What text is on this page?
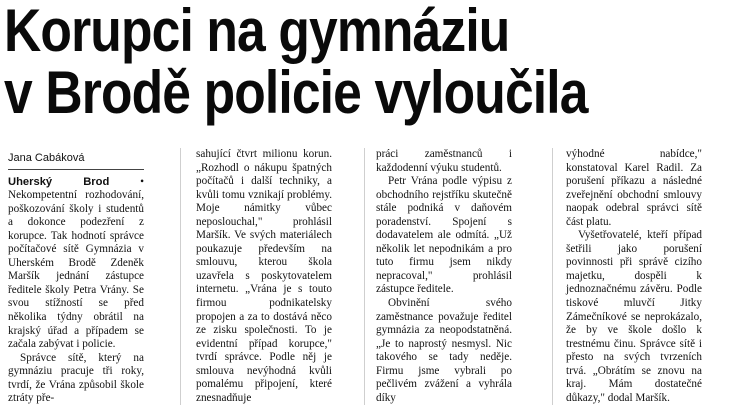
Korupci na gymnáziu
v Brodě policie vyloučila
Jana Cabáková

Uherský Brod • Nekompetentní rozhodování, poškozování školy i studentů a dokonce podezření z korupce. Tak hodnotí správce počítačové sítě Gymnázia v Uherském Brodě Zdeněk Maršík jednání zástupce ředitele školy Petra Vrány. Se svou stížností se před několika týdny obrátil na krajský úřad a případem se začala zabývat i policie.

Správce sítě, který na gymnáziu pracuje tři roky, tvrdí, že Vrána způsobil škole ztráty pře-

sahující čtvrt milionu korun. „Rozhodl o nákupu špatných počítačů i další techniky, a kvůli tomu vznikají problémy. Moje námitky vůbec neposlouchal," prohlásil Maršík. Ve svých materiálech poukazuje především na smlouvu, kterou škola uzavřela s poskytovatelem internetu. „Vrána je s touto firmou podnikatelsky propojen a za to dostává něco ze zisku společnosti. To je evidentní případ korupce," tvrdí správce. Podle něj je smlouva nevýhodná kvůli pomalému připojení, které znesnadňuje

práci zaměstnanců i každodenní výuku studentů.

Petr Vrána podle výpisu z obchodního rejstříku skutečně stále podniká v daňovém poradenství. Spojení s dodavatelem ale odmítá. „Už několik let nepodnikám a pro tuto firmu jsem nikdy nepracoval," prohlásil zástupce ředitele.

Obvinění svého zaměstnance považuje ředitel gymnázia za neopodstatněná. „Je to naprostý nesmysl. Nic takového se tady neděje. Firmu jsme vybrali po pečlivém zvážení a vyhrála díky

výhodné nabídce," konstatoval Karel Radil. Za porušení příkazu a následné zveřejnění obchodní smlouvy naopak odebral správci sítě část platu.

Vyšetřovatelé, kteří případ šetřili jako porušení povinnosti při správě cizího majetku, dospěli k jednoznačnému závěru. Podle tiskové mluvčí Jitky Zámečníkové se neprokázalo, že by ve škole došlo k trestnému činu. Správce sítě i přesto na svých tvrzeních trvá. „Obrátím se znovu na kraj. Mám dostatečné důkazy," dodal Maršík.
